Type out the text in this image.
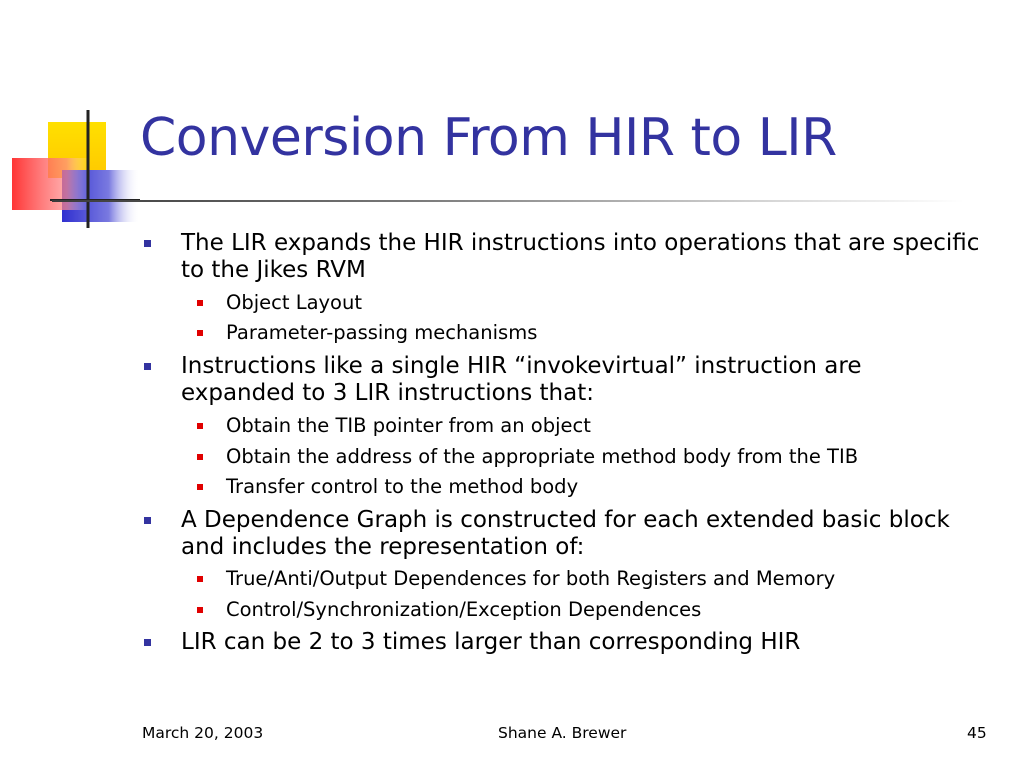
Conversion From HIR to LIR
The LIR expands the HIR instructions into operations that are specific to the Jikes RVM
Object Layout
Parameter-passing mechanisms
Instructions like a single HIR “invokevirtual” instruction are expanded to 3 LIR instructions that:
Obtain the TIB pointer from an object
Obtain the address of the appropriate method body from the TIB
Transfer control to the method body
A Dependence Graph is constructed for each extended basic block and includes the representation of:
True/Anti/Output Dependences for both Registers and Memory
Control/Synchronization/Exception Dependences
LIR can be 2 to 3 times larger than corresponding HIR
March 20, 2003	Shane A. Brewer	45
